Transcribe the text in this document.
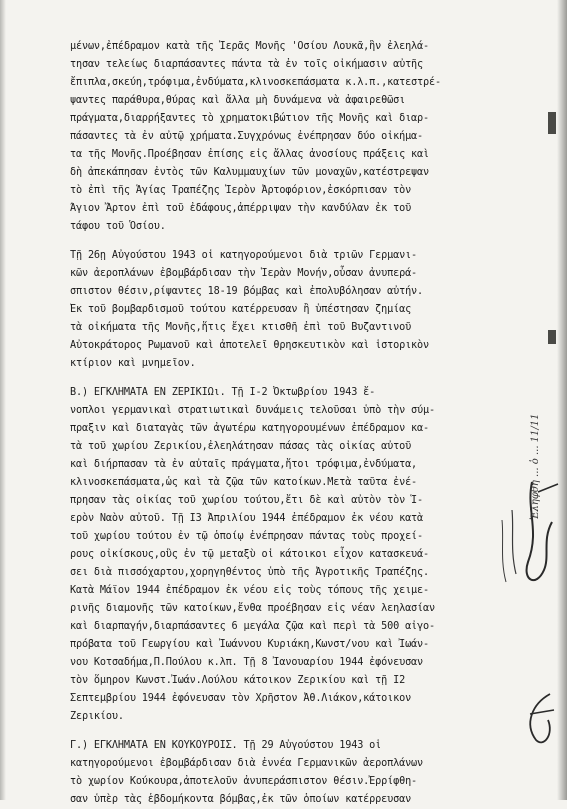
μένων,ἐπέδραμον κατὰ τῆς Ἱερᾶς Μονῆς 'Οσίου Λουκᾶ,ἣν ἐλεηλά-
τησαν τελείως διαρπάσαντες πάντα τὰ ἐν τοῖς οἰκήμασιν αὐτῆς
ἔπιπλα,σκεύη,τρόφιμα,ἐνδύματα,κλινοσκεπάσματα κ.λ.π.,κατεστρέ-
ψαντες παράθυρα,θύρας καὶ ἄλλα μὴ δυνάμενα νὰ ἀφαιρεθῶσι
πράγματα,διαρρήξαντες τὸ χρηματοκιβώτιον τῆς Μονῆς καὶ διαρ-
πάσαντες τὰ ἐν αὐτῷ χρήματα.Συγχρόνως ἐνέπρησαν δύο οἰκήμα-
τα τῆς Μονῆς.Προέβησαν ἐπίσης εἰς ἄλλας ἀνοσίους πράξεις καὶ
δὴ ἀπεκάπησαν ἐντὸς τῶν Καλυμμαυχίων τῶν μοναχῶν,κατέστρεψαν
τὸ ἐπὶ τῆς Ἁγίας Τραπέζης Ἱερὸν Ἀρτοφόριον,ἐσκόρπισαν τὸν
Ἅγιον Ἄρτον ἐπὶ τοῦ ἐδάφους,ἀπέρριψαν τὴν κανδύλαν ἐκ τοῦ
τάφου τοῦ Ὁσίου.
Τῇ 26ῃ Αὐγούστου 1943 οἱ κατηγορούμενοι διὰ τριῶν Γερμανι-
κῶν ἀεροπλάνων ἐβομβάρδισαν τὴν Ἱερὰν Μονήν,οὖσαν ἀνυπερά-
σπιστον θέσιν,ρίψαντες 18-19 βόμβας καὶ ἐπολυβόλησαν αὐτήν.
Ἐκ τοῦ βομβαρδισμοῦ τούτου κατέρρευσαν ἢ ὑπέστησαν ζημίας
τὰ οἰκήματα τῆς Μονῆς,ἥτις ἔχει κτισθῆ ἐπὶ τοῦ Βυζαντινοῦ
Αὐτοκράτορος Ρωμανοῦ καὶ ἀποτελεῖ θρησκευτικὸν καὶ ἱστορικὸν
κτίριον καὶ μνημεῖον.
Β.) ΕΓΚΛΗΜΑΤΑ ΕΝ ΖΕΡΙΚΙΩι. Τῇ Ι-2 Ὀκτωβρίου 1943 ἔ-
νοπλοι γερμανικαὶ στρατιωτικαὶ δυνάμεις τελοῦσαι ὑπὸ τὴν σύμ-
πραξιν καὶ διαταγὰς τῶν ἀγωτέρω κατηγορουμένων ἐπέδραμον κα-
τὰ τοῦ χωρίου Ζερικίου,ἐλεηλάτησαν πάσας τὰς οἰκίας αὐτοῦ
καὶ διήρπασαν τὰ ἐν αὐταῖς πράγματα,ἤτοι τρόφιμα,ἐνδύματα,
κλινοσκεπάσματα,ὡς καὶ τὰ ζῷα τῶν κατοίκων.Μετὰ ταῦτα ἐνέ-
πρησαν τὰς οἰκίας τοῦ χωρίου τούτου,ἔτι δὲ καὶ αὐτὸν τὸν Ἱ-
ερὸν Ναὸν αὐτοῦ. Τῇ Ι3 Ἀπριλίου 1944 ἐπέδραμον ἐκ νέου κατὰ
τοῦ χωρίου τούτου ἐν τῷ ὁποίῳ ἐνέπρησαν πάντας τοὺς προχεί-
ρους οἰκίσκους,οὓς ἐν τῷ μεταξὺ οἱ κάτοικοι εἶχον κατασκευά-
σει διὰ πισσόχαρτου,χορηγηθέντος ὑπὸ τῆς Ἀγροτικῆς Τραπέζης.
Κατὰ Μάϊον 1944 ἐπέδραμον ἐκ νέου εἰς τοὺς τόπους τῆς χειμε-
ρινῆς διαμονῆς τῶν κατοίκων,ἔνθα προέβησαν εἰς νέαν λεηλασίαν
καὶ διαρπαγήν,διαρπάσαντες 6 μεγάλα ζῷα καὶ περὶ τὰ 500 αἰγο-
πρόβατα τοῦ Γεωργίου καὶ Ἰωάννου Κυριάκη,Κωνστ/νου καὶ Ἰωάν-
νου Κοτσαδήμα,Π.Πούλου κ.λπ. Τῇ 8 Ἰανουαρίου 1944 ἐφόνευσαν
τὸν ὅμηρον Κωνστ.Ἰωάν.Λούλου κάτοικον Ζερικίου καὶ τῇ Ι2
Σεπτεμβρίου 1944 ἐφόνευσαν τὸν Χρῆστον Ἀθ.Λιάκον,κάτοικον
Ζερικίου.
Γ.) ΕΓΚΛΗΜΑΤΑ ΕΝ ΚΟΥΚΟΥΡΟΙΣ. Τῇ 29 Αὐγούστου 1943 οἱ
κατηγορούμενοι ἐβομβάρδισαν διὰ ἐννέα Γερμανικῶν ἀεροπλάνων
τὸ χωρίον Κούκουρα,ἀποτελοῦν ἀνυπεράσπιστον θέσιν.Ἐρρίφθη-
σαν ὑπὲρ τὰς ἑβδομήκοντα βόμβας,ἐκ τῶν ὁποίων κατέρρευσαν
Ἐλήφθη ... ὁ ... 11/11
